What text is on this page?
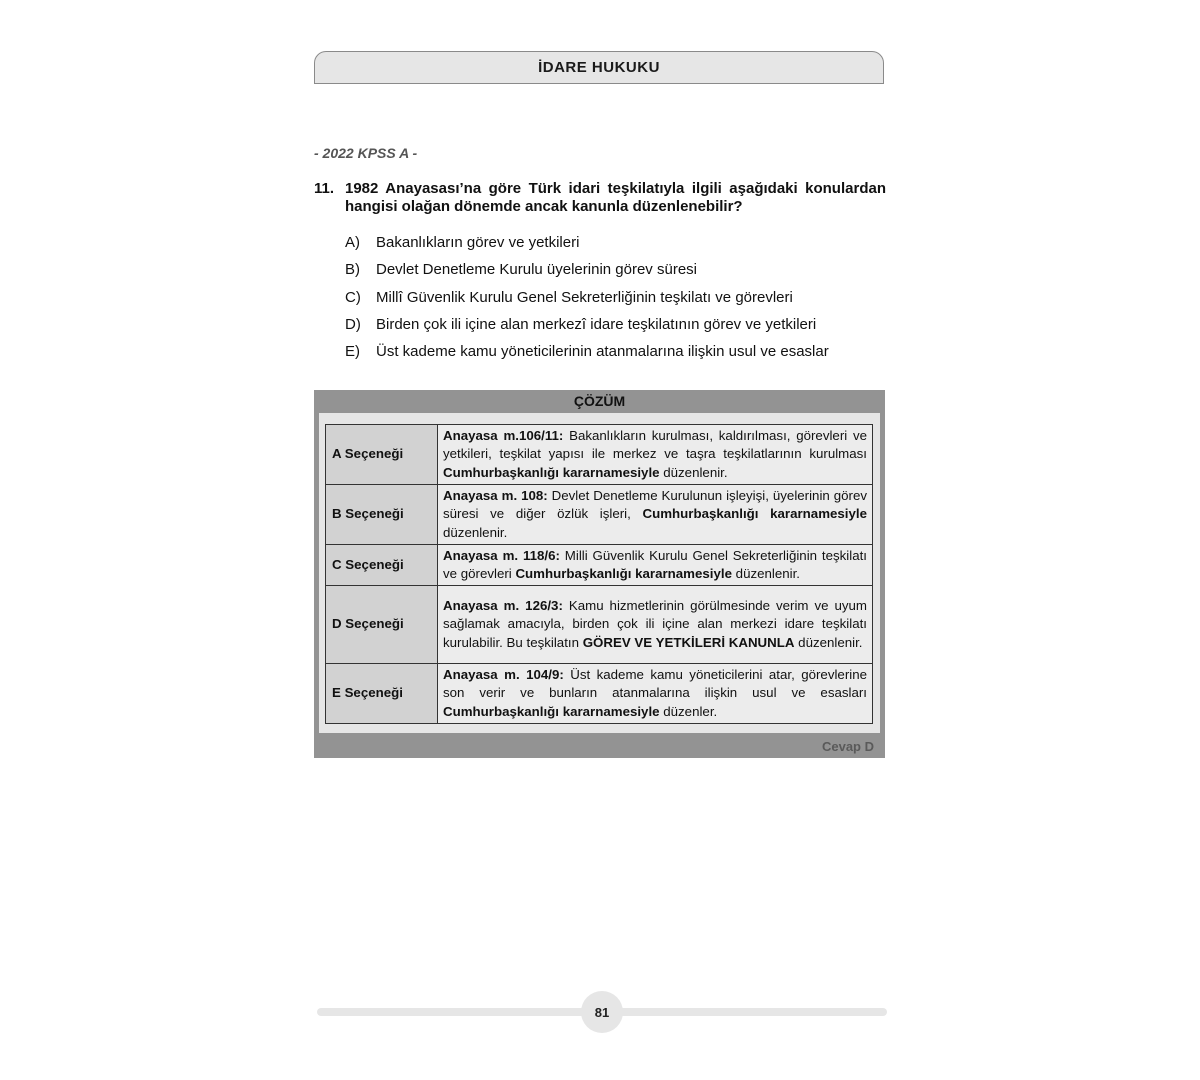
İDARE HUKUKU
- 2022 KPSS A -
11. 1982 Anayasası’na göre Türk idari teşkilatıyla ilgili aşağıdaki konulardan hangisi olağan dönemde ancak kanunla düzenlenebilir?
A)	Bakanlıkların görev ve yetkileri
B)	Devlet Denetleme Kurulu üyelerinin görev süresi
C)	Millî Güvenlik Kurulu Genel Sekreterliğinin teşkilatı ve görevleri
D)	Birden çok ili içine alan merkezî idare teşkilatının görev ve yetkileri
E)	Üst kademe kamu yöneticilerinin atanmalarına ilişkin usul ve esaslar
ÇÖZÜM
A Seçeneği	Anayasa m.106/11: Bakanlıkların kurulması, kaldırılması, görevleri ve yetkileri, teşkilat yapısı ile merkez ve taşra teşkilatlarının kurulması Cumhurbaşkanlığı kararnamesiyle düzenlenir.
B Seçeneği	Anayasa m. 108: Devlet Denetleme Kurulunun işleyişi, üyelerinin görev süresi ve diğer özlük işleri, Cumhurbaşkanlığı kararnamesiyle düzenlenir.
C Seçeneği	Anayasa m. 118/6: Milli Güvenlik Kurulu Genel Sekreterliğinin teşkilatı ve görevleri Cumhurbaşkanlığı kararnamesiyle düzenlenir.
D Seçeneği	Anayasa m. 126/3: Kamu hizmetlerinin görülmesinde verim ve uyum sağlamak amacıyla, birden çok ili içine alan merkezi idare teşkilatı kurulabilir. Bu teşkilatın GÖREV VE YETKİLERİ KANUNLA düzenlenir.
E Seçeneği	Anayasa m. 104/9: Üst kademe kamu yöneticilerini atar, görevlerine son verir ve bunların atanmalarına ilişkin usul ve esasları Cumhurbaşkanlığı kararnamesiyle düzenler.
Cevap D
81
